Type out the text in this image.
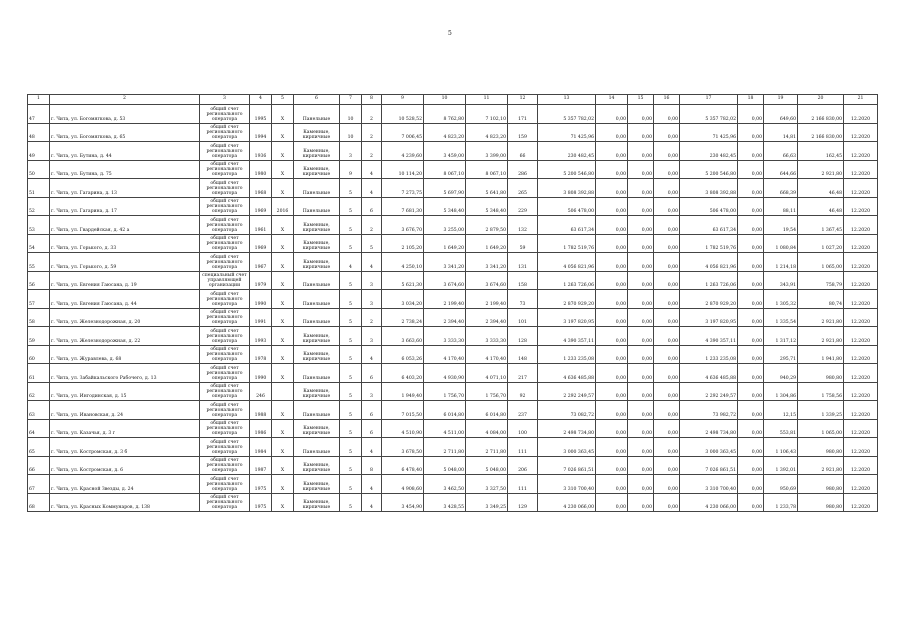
5
1	2	3	4	5	6	7	8	9	10	11	12	13	14	15	16	17	18	19	20	21
47	г. Чита, ул. Богомягкова, д. 53	общий счет регионального оператора	1995	Х	Панельные	10	2	10 528,52	8 762,80	7 102,10	171	5 357 782,02	0,00	0,00	0,00	5 357 782,02	0,00	649,60	2 166 830,00	12.2020
48	г. Чита, ул. Богомягкова, д. 65	общий счет регионального оператора	1994	Х	Каменные, кирпичные	10	2	7 006,45	4 823,20	4 823,20	159	71 425,96	0,00	0,00	0,00	71 425,96	0,00	14,81	2 166 830,00	12.2020
49	г. Чита, ул. Бутина, д. 44	общий счет регионального оператора	1936	Х	Каменные, кирпичные	3	2	4 239,60	3 459,00	3 399,00	66	230 482,45	0,00	0,00	0,00	230 482,45	0,00	66,63	162,45	12.2020
50	г. Чита, ул. Бутина, д. 75	общий счет регионального оператора	1980	Х	Каменные, кирпичные	9	4	10 114,20	8 067,10	8 067,10	286	5 200 546,80	0,00	0,00	0,00	5 200 546,80	0,00	644,66	2 921,80	12.2020
51	г. Чита, ул. Гагарина, д. 13	общий счет регионального оператора	1968	Х	Панельные	5	4	7 273,75	5 697,90	5 641,80	265	3 808 392,88	0,00	0,00	0,00	3 808 392,88	0,00	668,39	46,48	12.2020
52	г. Чита, ул. Гагарина, д. 17	общий счет регионального оператора	1969	2016	Панельные	5	6	7 681,30	5 348,40	5 348,40	229	506 478,00	0,00	0,00	0,00	506 478,00	0,00	88,11	46,48	12.2020
53	г. Чита, ул. Гвардейская, д. 42 а	общий счет регионального оператора	1961	Х	Каменные, кирпичные	5	2	3 676,70	3 255,00	2 879,50	132	63 617,34	0,00	0,00	0,00	63 617,34	0,00	19,54	1 367,45	12.2020
54	г. Чита, ул. Горького, д. 33	общий счет регионального оператора	1969	Х	Каменные, кирпичные	5	5	2 105,20	1 649,20	1 649,20	59	1 782 519,76	0,00	0,00	0,00	1 782 519,76	0,00	1 080,84	1 027,20	12.2020
55	г. Чита, ул. Горького, д. 59	общий счет регионального оператора	1967	Х	Каменные, кирпичные	4	4	4 250,10	3 341,20	3 341,20	131	4 056 821,96	0,00	0,00	0,00	4 056 821,96	0,00	1 214,18	1 065,00	12.2020
56	г. Чита, ул. Евгения Гаюсана, д. 19	специальный счет управляющей организации	1979	Х	Панельные	5	3	5 621,30	3 674,60	3 674,60	158	1 263 726,06	0,00	0,00	0,00	1 263 726,06	0,00	343,91	758,79	12.2020
57	г. Чита, ул. Евгения Гаюсана, д. 44	общий счет регионального оператора	1990	Х	Панельные	5	3	3 034,20	2 199,40	2 199,40	73	2 870 929,20	0,00	0,00	0,00	2 870 929,20	0,00	1 305,32	80,74	12.2020
58	г. Чита, ул. Железнодорожная, д. 20	общий счет регионального оператора	1991	Х	Панельные	5	2	2 738,24	2 394,40	2 394,40	101	3 197 820,95	0,00	0,00	0,00	3 197 820,95	0,00	1 335,54	2 921,80	12.2020
59	г. Чита, ул. Железнодорожная, д. 22	общий счет регионального оператора	1993	Х	Каменные, кирпичные	5	3	3 663,60	3 333,30	3 333,30	128	4 390 357,11	0,00	0,00	0,00	4 390 357,11	0,00	1 317,12	2 921,80	12.2020
60	г. Чита, ул. Журавлева, д. 68	общий счет регионального оператора	1978	Х	Каменные, кирпичные	5	4	6 053,26	4 170,40	4 170,40	148	1 233 235,08	0,00	0,00	0,00	1 233 235,08	0,00	295,71	1 941,80	12.2020
61	г. Чита, ул. Забайкальского Рабочего, д. 13	общий счет регионального оператора	1990	Х	Панельные	5	6	6 403,20	4 930,90	4 071,10	217	4 636 485,88	0,00	0,00	0,00	4 636 485,88	0,00	940,29	980,80	12.2020
62	г. Чита, ул. Ингодинская, д. 15	общий счет регионального оператора	246		Каменные, кирпичные	5	3	1 949,40	1 756,70	1 756,70	92	2 292 249,57	0,00	0,00	0,00	2 292 249,57	0,00	1 304,86	1 758,56	12.2020
63	г. Чита, ул. Ивановская, д. 24	общий счет регионального оператора	1988	Х	Панельные	5	6	7 015,50	6 014,80	6 014,80	237	73 082,72	0,00	0,00	0,00	73 982,72	0,00	12,15	1 339,25	12.2020
64	г. Чита, ул. Казачья, д. 3 г	общий счет регионального оператора	1986	Х	Каменные, кирпичные	5	6	4 510,90	4 511,00	4 084,00	100	2 498 734,80	0,00	0,00	0,00	2 498 734,80	0,00	553,81	1 065,00	12.2020
65	г. Чита, ул. Костромская, д. 3 б	общий счет регионального оператора	1984	Х	Панельные	5	4	3 678,50	2 711,80	2 711,80	111	3 000 363,45	0,00	0,00	0,00	3 000 363,45	0,00	1 106,43	980,80	12.2020
66	г. Чита, ул. Костромская, д. 6	общий счет регионального оператора	1987	Х	Каменные, кирпичные	5	8	6 478,40	5 048,00	5 048,00	206	7 026 861,51	0,00	0,00	0,00	7 026 861,51	0,00	1 392,01	2 921,80	12.2020
67	г. Чита, ул. Красной Звезды, д. 24	общий счет регионального оператора	1975	Х	Каменные, кирпичные	5	4	4 908,60	3 462,50	3 327,50	111	3 310 700,40	0,00	0,00	0,00	3 310 700,40	0,00	950,69	980,80	12.2020
68	г. Чита, ул. Красных Коммунаров, д. 138	общий счет регионального оператора	1975	Х	Каменные, кирпичные	5	4	3 454,90	3 428,55	3 349,25	129	4 230 066,00	0,00	0,00	0,00	4 230 066,00	0,00	1 233,78	980,80	12.2020
